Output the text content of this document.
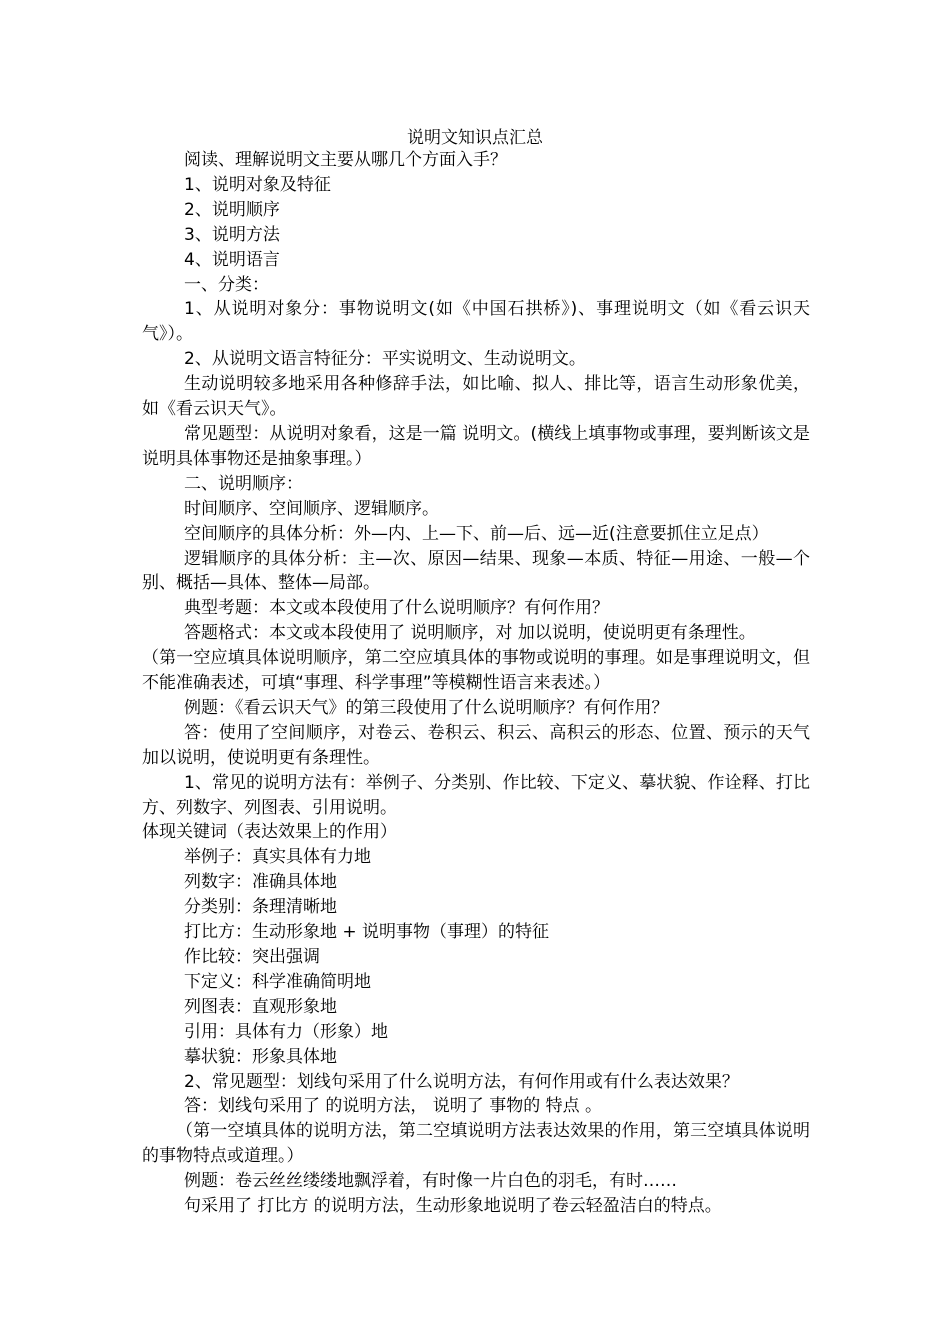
说明文知识点汇总

阅读、理解说明文主要从哪几个方面入手？

1、说明对象及特征

2、说明顺序

3、说明方法

4、说明语言

一、分类：

1、从说明对象分：事物说明文(如《中国石拱桥》)、事理说明文（如《看云识天气》）。

2、从说明文语言特征分：平实说明文、生动说明文。

生动说明较多地采用各种修辞手法，如比喻、拟人、排比等，语言生动形象优美，如《看云识天气》。

常见题型：从说明对象看，这是一篇 说明文。(横线上填事物或事理，要判断该文是说明具体事物还是抽象事理。）

二、说明顺序：

时间顺序、空间顺序、逻辑顺序。

空间顺序的具体分析：外—内、上—下、前—后、远—近(注意要抓住立足点）

逻辑顺序的具体分析：主—次、原因—结果、现象—本质、特征—用途、一般—个别、概括—具体、整体—局部。

典型考题：本文或本段使用了什么说明顺序？有何作用？

答题格式：本文或本段使用了 说明顺序，对 加以说明，使说明更有条理性。

（第一空应填具体说明顺序，第二空应填具体的事物或说明的事理。如是事理说明文，但不能准确表述，可填“事理、科学事理”等模糊性语言来表述。）

例题：《看云识天气》的第三段使用了什么说明顺序？有何作用？

答：使用了空间顺序，对卷云、卷积云、积云、高积云的形态、位置、预示的天气加以说明，使说明更有条理性。

1、常见的说明方法有：举例子、分类别、作比较、下定义、摹状貌、作诠释、打比方、列数字、列图表、引用说明。

体现关键词（表达效果上的作用）

举例子：真实具体有力地

列数字：准确具体地

分类别：条理清晰地

打比方：生动形象地 + 说明事物（事理）的特征

作比较：突出强调

下定义：科学准确简明地

列图表：直观形象地

引用：具体有力（形象）地

摹状貌：形象具体地

2、常见题型：划线句采用了什么说明方法，有何作用或有什么表达效果？

答：划线句采用了 的说明方法， 说明了 事物的 特点 。

（第一空填具体的说明方法，第二空填说明方法表达效果的作用，第三空填具体说明的事物特点或道理。）

例题：卷云丝丝缕缕地飘浮着，有时像一片白色的羽毛，有时……

句采用了 打比方 的说明方法，生动形象地说明了卷云轻盈洁白的特点。
